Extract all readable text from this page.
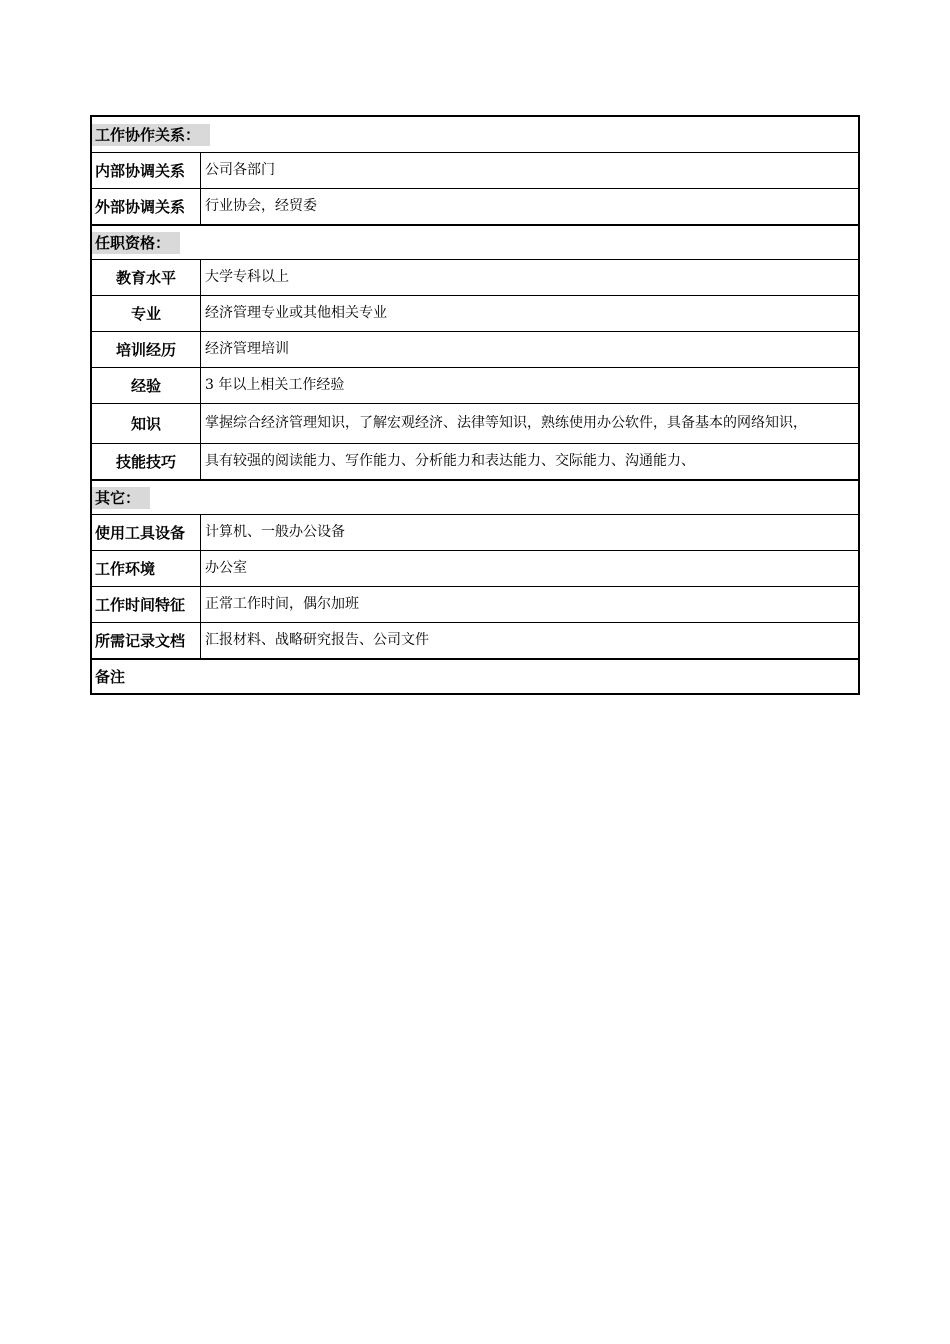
工作协作关系：
内部协调关系	公司各部门
外部协调关系	行业协会，经贸委
任职资格：
教育水平	大学专科以上
专业	经济管理专业或其他相关专业
培训经历	经济管理培训
经验	3 年以上相关工作经验
知识	掌握综合经济管理知识，了解宏观经济、法律等知识，熟练使用办公软件，具备基本的网络知识，
技能技巧	具有较强的阅读能力、写作能力、分析能力和表达能力、交际能力、沟通能力、
其它：
使用工具设备	计算机、一般办公设备
工作环境	办公室
工作时间特征	正常工作时间，偶尔加班
所需记录文档	汇报材料、战略研究报告、公司文件
备注
